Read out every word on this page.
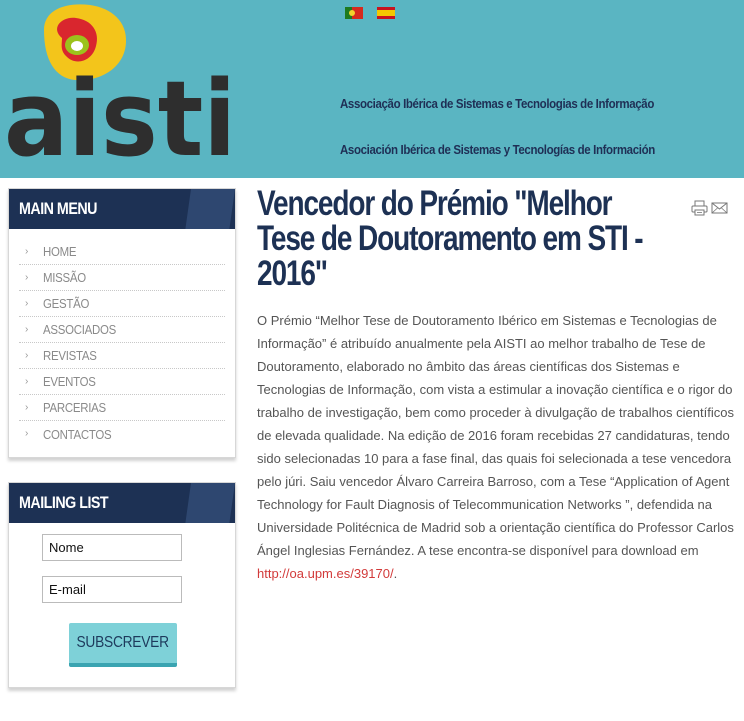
aisti	Associação Ibérica de Sistemas e Tecnologias de Informação
Asociación Ibérica de Sistemas y Tecnologías de Información
MAIN MENU
›	HOME
›	MISSÃO
›	GESTÃO
›	ASSOCIADOS
›	REVISTAS
›	EVENTOS
›	PARCERIAS
›	CONTACTOS
MAILING LIST
Nome
E-mail
SUBSCREVER
Vencedor do Prémio "Melhor
Tese de Doutoramento em STI -
2016"

O Prémio “Melhor Tese de Doutoramento Ibérico em Sistemas e Tecnologias de Informação” é atribuído anualmente pela AISTI ao melhor trabalho de Tese de Doutoramento, elaborado no âmbito das áreas científicas dos Sistemas e Tecnologias de Informação, com vista a estimular a inovação científica e o rigor do trabalho de investigação, bem como proceder à divulgação de trabalhos científicos de elevada qualidade. Na edição de 2016 foram recebidas 27 candidaturas, tendo sido selecionadas 10 para a fase final, das quais foi selecionada a tese vencedora pelo júri. Saiu vencedor Álvaro Carreira Barroso, com a Tese “Application of Agent Technology for Fault Diagnosis of Telecommunication Networks ”, defendida na Universidade Politécnica de Madrid sob a orientação científica do Professor Carlos Ángel Inglesias Fernández. A tese encontra-se disponível para download em http://oa.upm.es/39170/.
